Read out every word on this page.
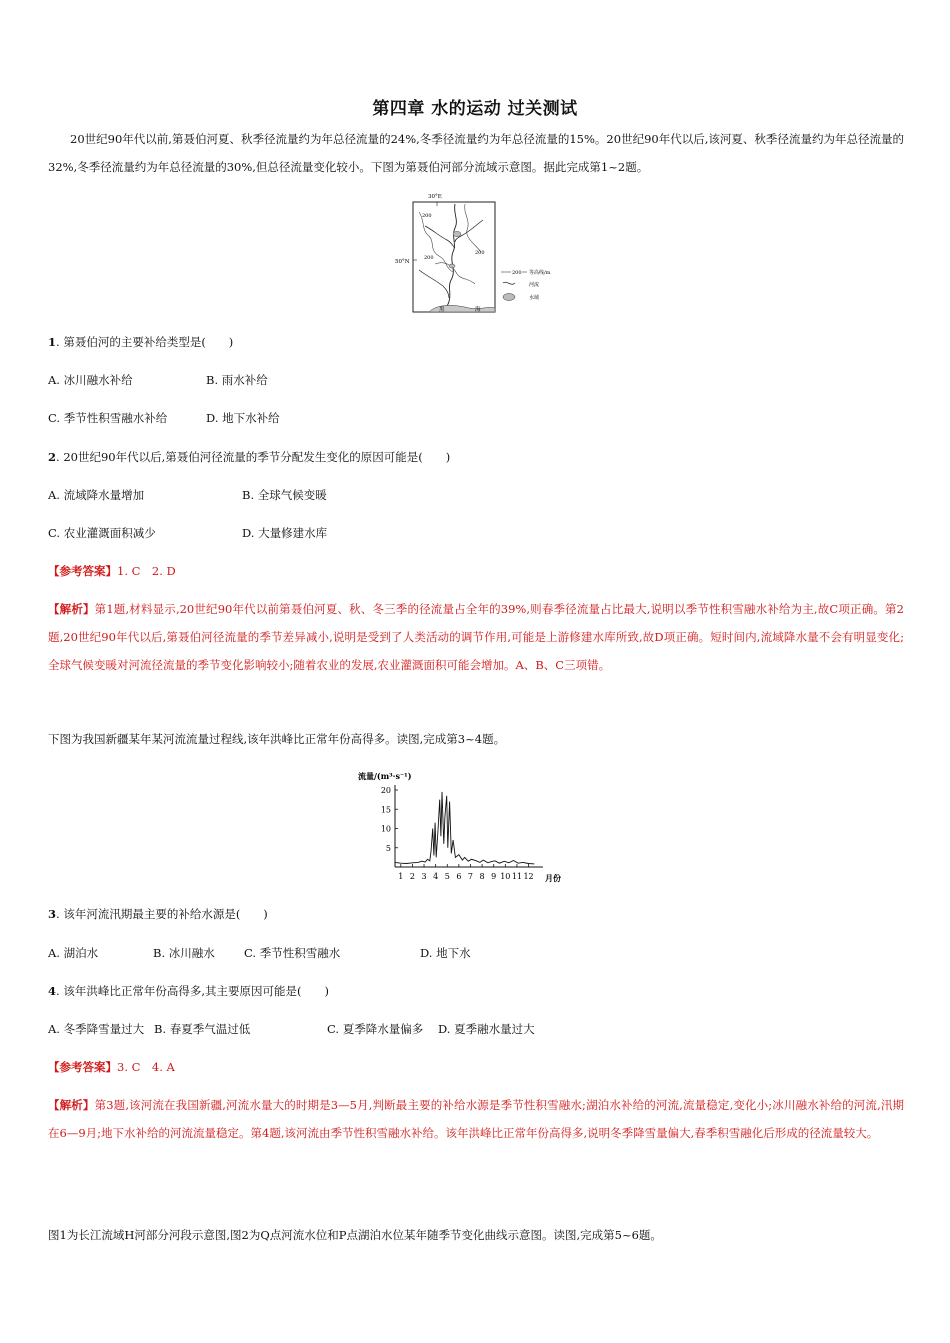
第四章 水的运动 过关测试
20世纪90年代以前,第聂伯河夏、秋季径流量约为年总径流量的24%,冬季径流量约为年总径流量的15%。20世纪90年代以后,该河夏、秋季径流量约为年总径流量的32%,冬季径流量约为年总径流量的30%,但总径流量变化较小。下图为第聂伯河部分流域示意图。据此完成第1~2题。
30°E
50°N
200
200
200
黑	海
200 等高线/m
河流
水域
1. 第聂伯河的主要补给类型是(　　)
A. 冰川融水补给	B. 雨水补给
C. 季节性积雪融水补给	D. 地下水补给
2. 20世纪90年代以后,第聂伯河径流量的季节分配发生变化的原因可能是(　　)
A. 流域降水量增加	B. 全球气候变暖
C. 农业灌溉面积减少	D. 大量修建水库
【参考答案】1. C　2. D
【解析】第1题,材料显示,20世纪90年代以前第聂伯河夏、秋、冬三季的径流量占全年的39%,则春季径流量占比最大,说明以季节性积雪融水补给为主,故C项正确。第2题,20世纪90年代以后,第聂伯河径流量的季节差异减小,说明是受到了人类活动的调节作用,可能是上游修建水库所致,故D项正确。短时间内,流域降水量不会有明显变化;全球气候变暖对河流径流量的季节变化影响较小;随着农业的发展,农业灌溉面积可能会增加。A、B、C三项错。
下图为我国新疆某年某河流流量过程线,该年洪峰比正常年份高得多。读图,完成第3~4题。
流量/(m³·s⁻¹)
5
10
15
20
1 2 3 4 5 6 7 8 9 10 11 12 月份
3. 该年河流汛期最主要的补给水源是(　　)
A. 湖泊水	B. 冰川融水	C. 季节性积雪融水	D. 地下水
4. 该年洪峰比正常年份高得多,其主要原因可能是(　　)
A. 冬季降雪量过大 B. 春夏季气温过低	C. 夏季降水量偏多 D. 夏季融水量过大
【参考答案】3. C　4. A
【解析】第3题,该河流在我国新疆,河流水量大的时期是3—5月,判断最主要的补给水源是季节性积雪融水;湖泊水补给的河流,流量稳定,变化小;冰川融水补给的河流,汛期在6—9月;地下水补给的河流流量稳定。第4题,该河流由季节性积雪融水补给。该年洪峰比正常年份高得多,说明冬季降雪量偏大,春季积雪融化后形成的径流量较大。
图1为长江流域H河部分河段示意图,图2为Q点河流水位和P点湖泊水位某年随季节变化曲线示意图。读图,完成第5~6题。
